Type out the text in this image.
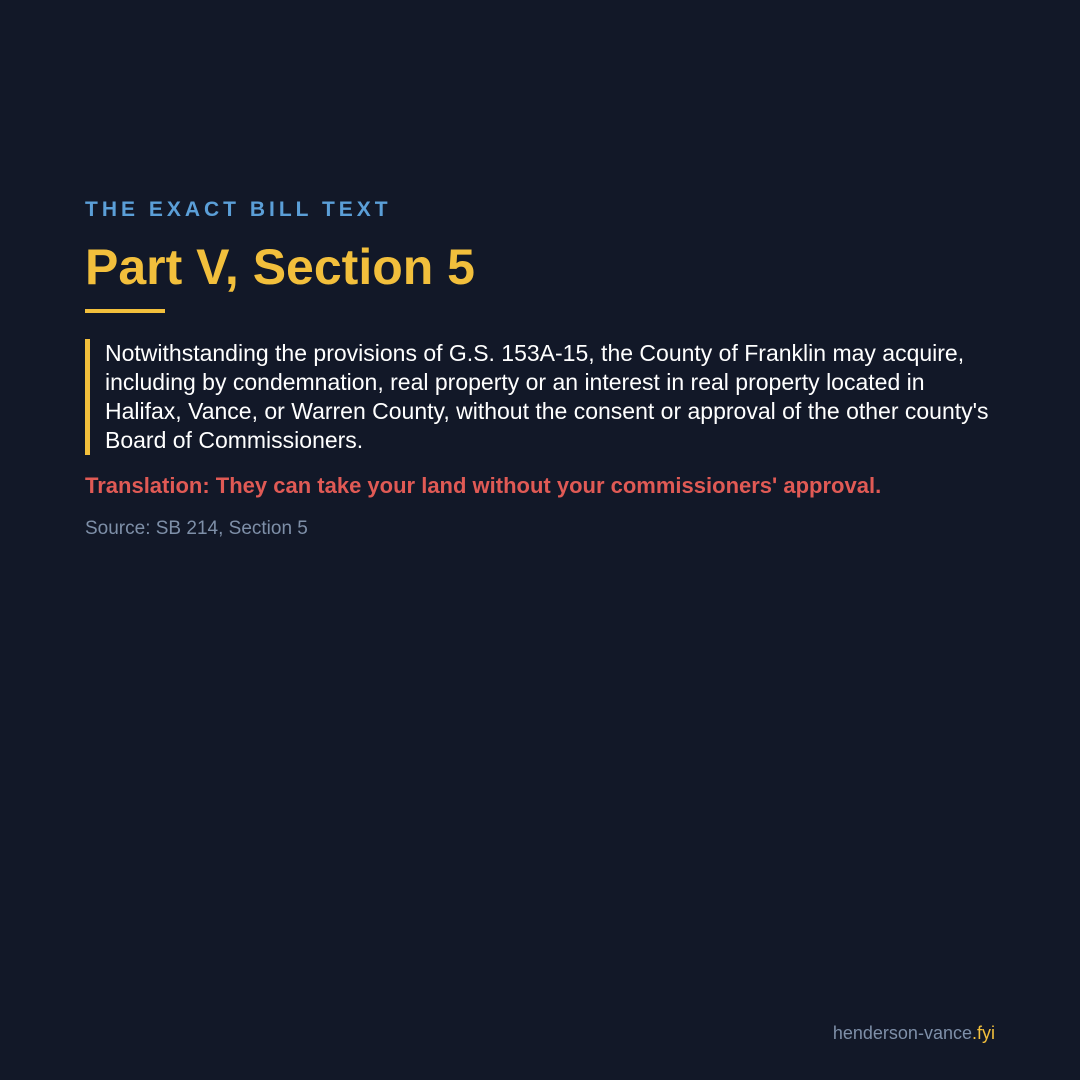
THE EXACT BILL TEXT
Part V, Section 5
Notwithstanding the provisions of G.S. 153A-15, the County of Franklin may acquire, including by condemnation, real property or an interest in real property located in Halifax, Vance, or Warren County, without the consent or approval of the other county's Board of Commissioners.

Translation: They can take your land without your commissioners' approval.

Source: SB 214, Section 5

henderson-vance.fyi
